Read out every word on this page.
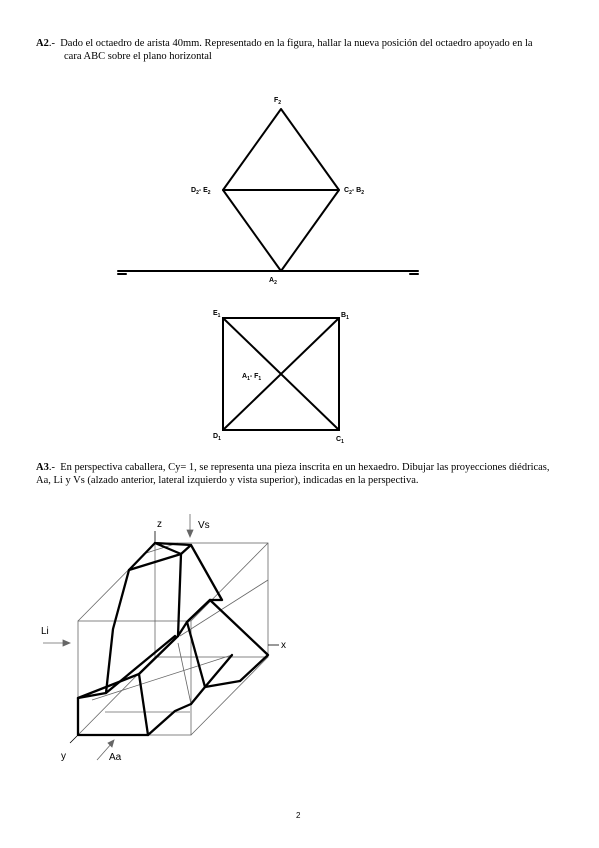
A2.- Dado el octaedro de arista 40mm. Representado en la figura, hallar la nueva posición del octaedro apoyado en la
cara ABC sobre el plano horizontal
$F_2$
$D_2-$ $E_2$	$C_2-$ $B_2$
$A_2$
$E_1$	$B_1$
$A_1-$ $F_1$
$D_1$	$C_1$
A3.- En perspectiva caballera, Cy= 1, se representa una pieza inscrita en un hexaedro. Dibujar las proyecciones diédricas, Aa, Li y Vs (alzado anterior, lateral izquierdo y vista superior), indicadas en la perspectiva.
z	Vs
Li
x
y	Aa
2
